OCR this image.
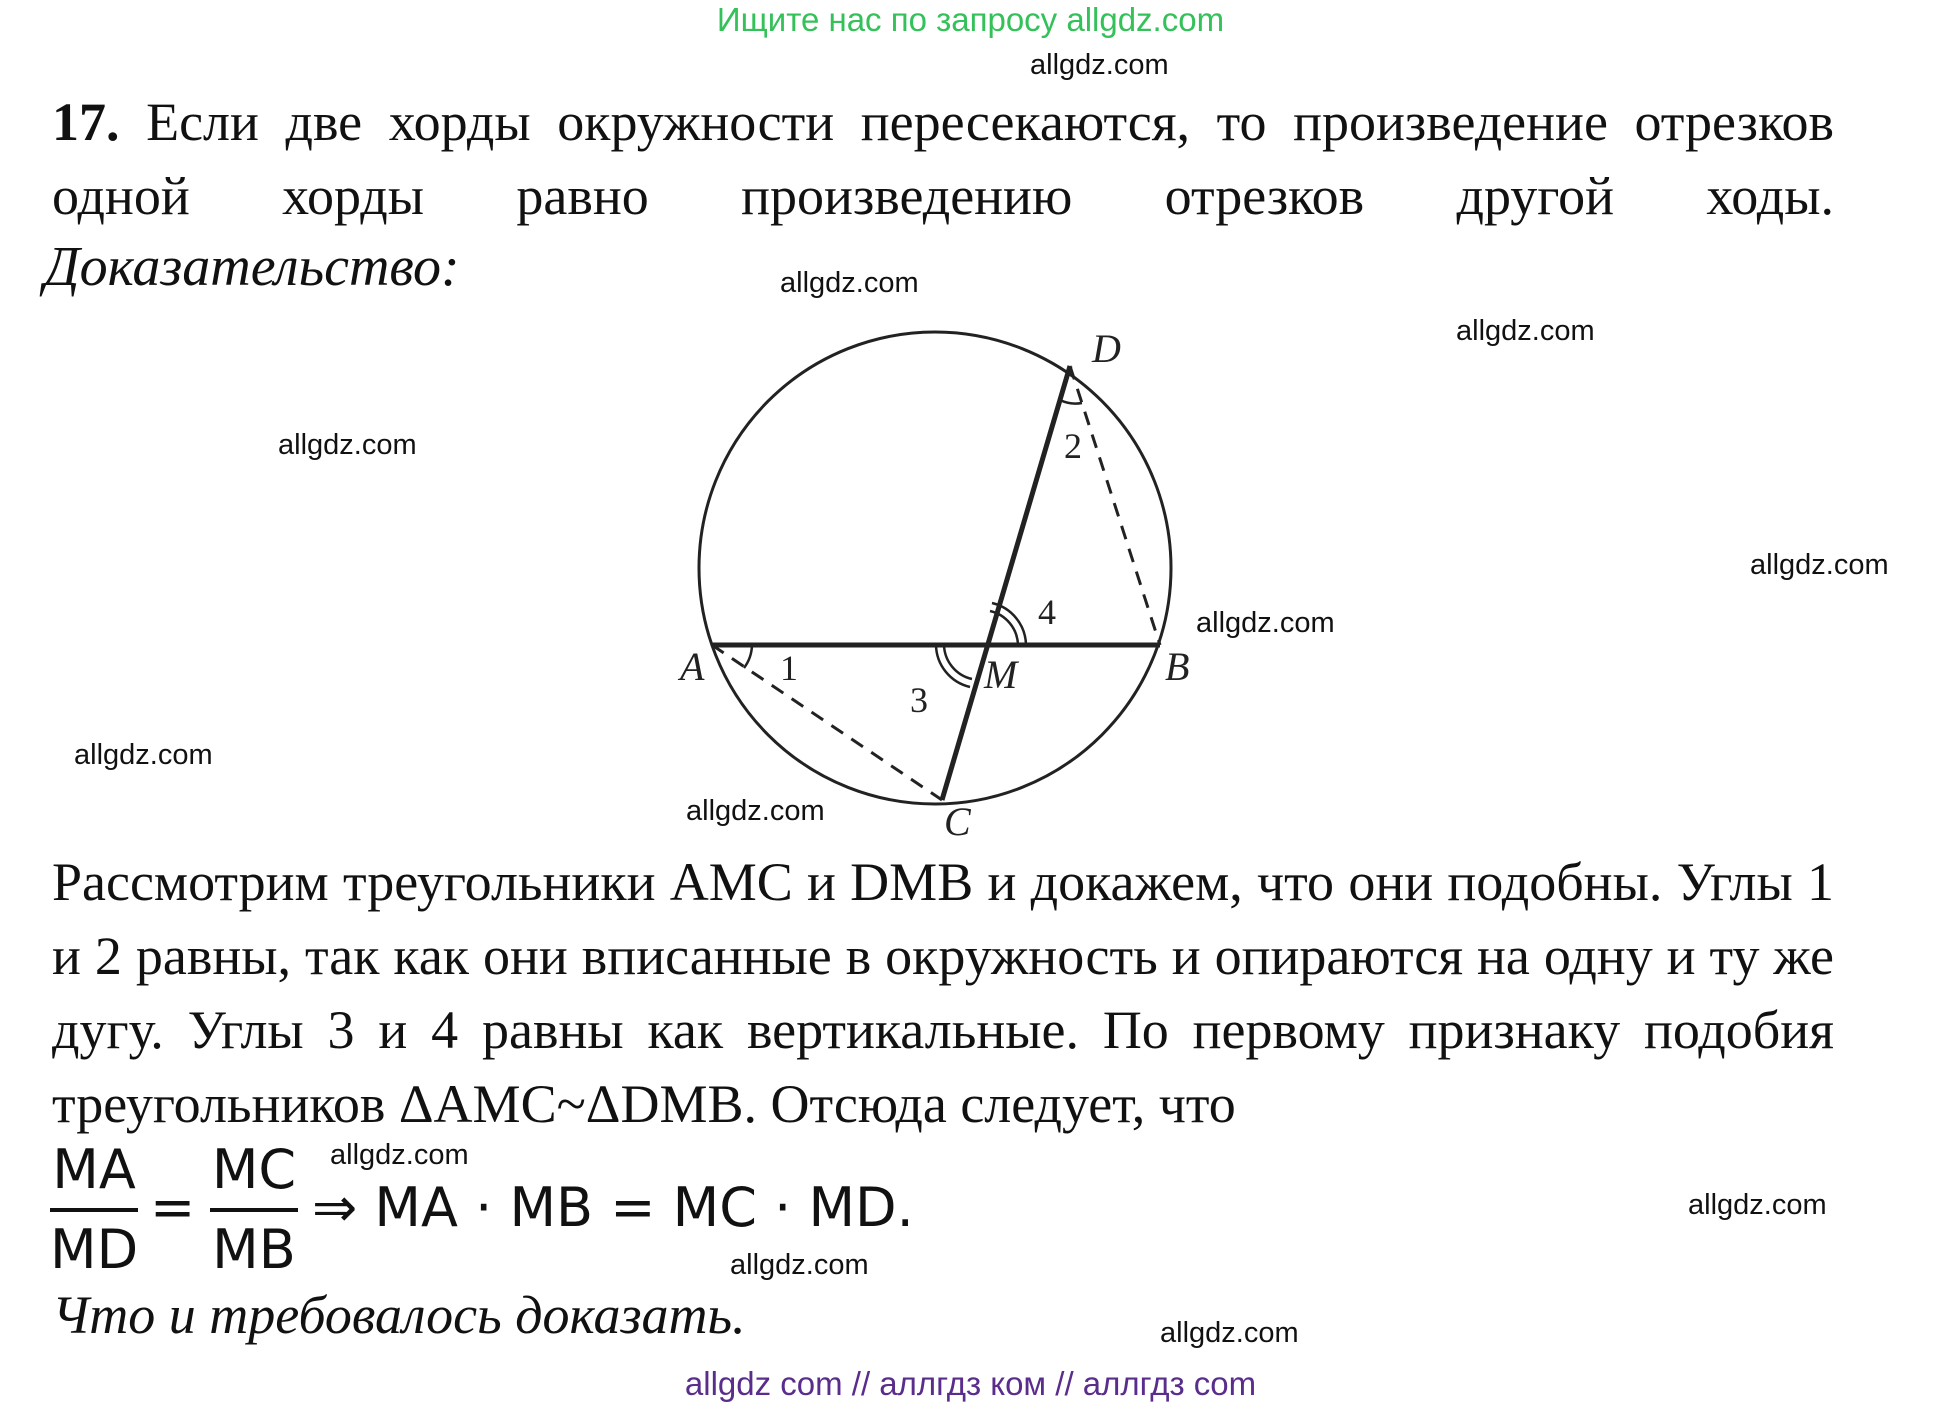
Ищите нас по запросу allgdz.com
allgdz.com
allgdz.com
allgdz.com
allgdz.com
allgdz.com
allgdz.com
allgdz.com
allgdz.com
allgdz.com
allgdz.com
allgdz.com
allgdz.com
17. Если две хорды окружности пересекаются, то произведение отрезков одной хорды равно произведению отрезков другой ходы.
Доказательство:
A	B
C
D
M
1
2
3
4
Рассмотрим треугольники AMC и DMB и докажем, что они подобны. Углы 1 и 2 равны, так как они вписанные в окружность и опираются на одну и ту же дугу. Углы 3 и 4 равны как вертикальные. По первому признаку подобия треугольников ΔAMC~ΔDMB. Отсюда следует, что
MA
MD
=
MC
MB
⇒ MA · MB = MC · MD.
Что и требовалось доказать.
allgdz com // аллгдз ком // аллгдз com
